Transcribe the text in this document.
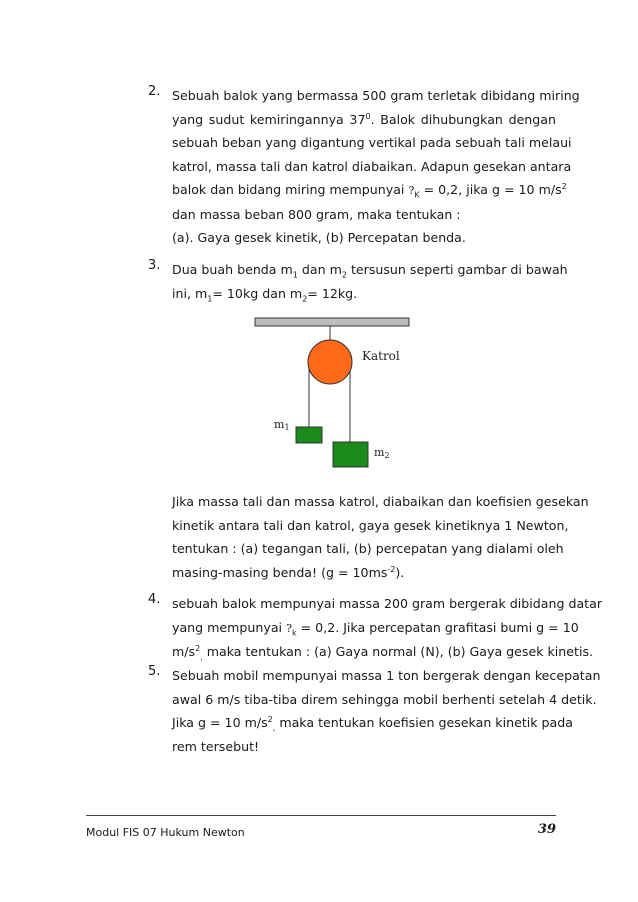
2. Sebuah balok yang bermassa 500 gram terletak dibidang miring
yang sudut kemiringannya $37^0$. Balok dihubungkan dengan
sebuah beban yang digantung vertikal pada sebuah tali melaui
katrol, massa tali dan katrol diabaikan. Adapun gesekan antara
balok dan bidang miring mempunyai $?_K = 0,2$, jika g = 10 $m/s^2$
dan massa beban 800 gram, maka tentukan :
(a). Gaya gesek kinetik, (b) Percepatan benda.
3. Dua buah benda $m_1$ dan $m_2$ tersusun seperti gambar di bawah
ini, $m_1= 10kg$ dan $m_2= 12kg$.
Katrol
m1
m2
Jika massa tali dan massa katrol, diabaikan dan koefisien gesekan
kinetik antara tali dan katrol, gaya gesek kinetiknya 1 Newton,
tentukan : (a) tegangan tali, (b) percepatan yang dialami oleh
masing-masing benda! $(g = 10ms^{-2})$.
4. sebuah balok mempunyai massa 200 gram bergerak dibidang datar
yang mempunyai $?_k = 0,2$. Jika percepatan grafitasi bumi g = 10
$m/s^2_,$ maka tentukan : (a) Gaya normal (N), (b) Gaya gesek kinetis.
5. Sebuah mobil mempunyai massa 1 ton bergerak dengan kecepatan
awal 6 m/s tiba-tiba direm sehingga mobil berhenti setelah 4 detik.
Jika g = 10 $m/s^2_,$ maka tentukan koefisien gesekan kinetik pada
rem tersebut!
Modul FIS 07 Hukum Newton	39
